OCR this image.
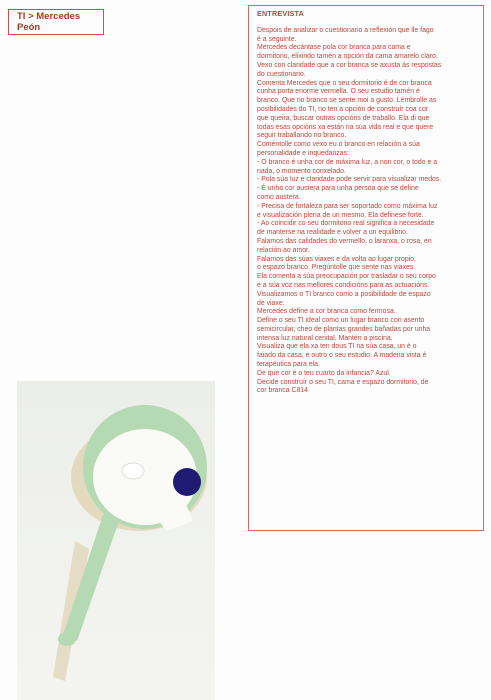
TI > Mercedes Peón
ENTREVISTA

Despois de analizar o cuestionario a reflexión que lle fago

é a seguinte.

Mercedes decántase pola cor branca para cama e

dormitorio, elixindo tamén a opción da cama amarelo claro.

Vexo con claridade que a cor branca se axusta ás respostas

do cuestionario.

Comenta Mercedes que o seu dormitorio é de cor branca

cunha porta enorme vermella. O seu estudio tamén é

branco. Que no branco se sente moi a gusto. Lémbrolle as

posibilidades do TI, no ten a opción de construír coa cor

que queira, buscar outras opcións de traballo. Ela di que

todas esas opcións xa están na súa vida real e que quere

seguir traballando no branco.

Coméntolle como vexo eu o branco en relación a súa

personalidade e inquedanzas:

- O branco é unha cor de máxima luz, a non cor, o todo e a

nada, o momento conxelado.

- Pola súa luz e claridade pode servir para visualizar medos.

- É unha cor austera para unha persoa que se define

como austera.

- Precisa de fortaleza para ser soportado como máxima luz

e visualización plena de un mesmo. Ela definese forte.

- Ao coincidir co seu dormitorio real significa a necesidade

de manterse na realidade e volver a un equilibrio.

Falamos das calidades do vermello, o laranxa, o rosa, en

relación ao amor.

Falamos das súas viaxes e da volta ao lugar propio,

o espazo branco. Pregúntolle que sente nas viaxes.

Ela comenta a súa preocupación por trasladar o seu corpo

e a súa voz nas mellores condicións para as actuacións.

Visualizamos o TI branco como a posibilidade de espazo

de viaxe.

Mercedes define a cor branca como fermosa.

Define o seu TI ideal como un lugar branco con asento

semicircular, cheo de plantas grandes bañadas por unha

intensa luz natural cenital. Mantén a piscina.

Visualiza que ela xa ten dous TI na súa casa, un é o

faiado da casa, e outro o seu estudio. A madeira vista é

terapéutica para ela.

De que cor é o teu cuarto da infancia? Azul.

Decide construír o seu TI, cama e espazo dormitorio, de

cor branca C814
